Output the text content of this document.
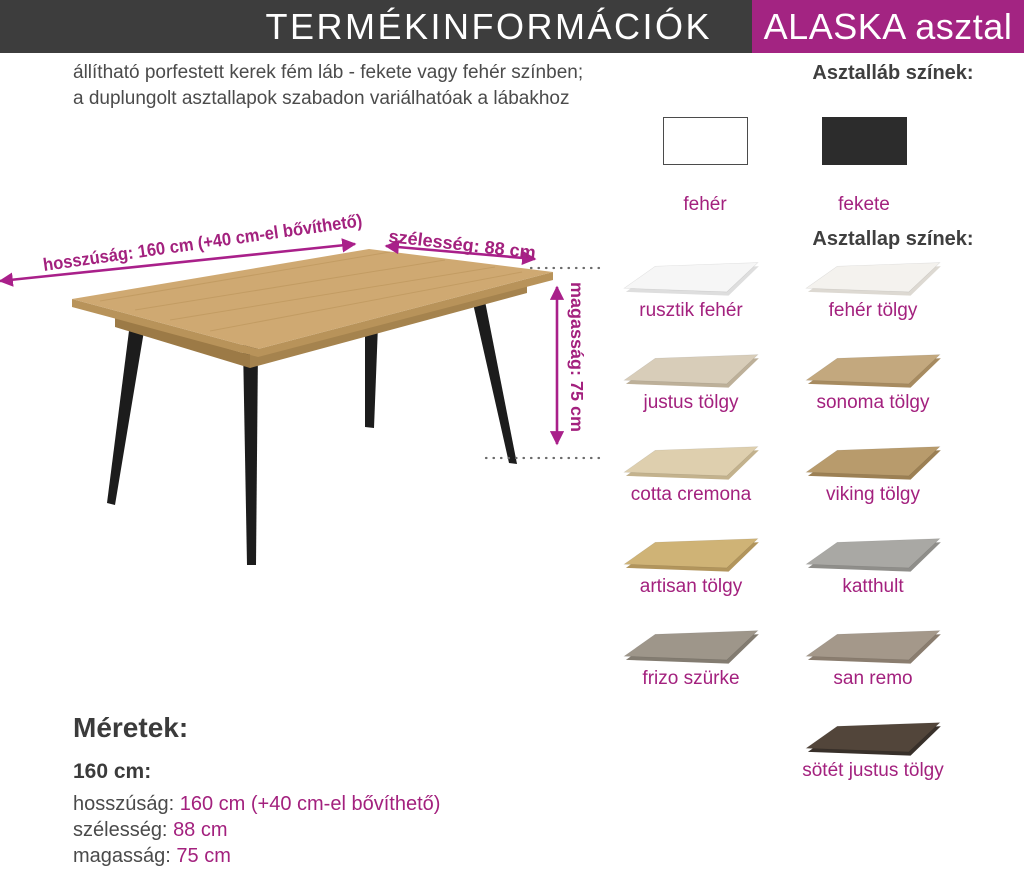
TERMÉKINFORMÁCIÓK ALASKA asztal

állítható porfestett kerek fém láb - fekete vagy fehér színben;
a duplungolt asztallapok szabadon variálhatóak a lábakhoz

hosszúság: 160 cm (+40 cm-el bővíthető)
szélesség: 88 cm
magasság: 75 cm
Asztalláb színek:
fehér	fekete
Asztallap színek:
rusztik fehér	fehér tölgy
justus tölgy	sonoma tölgy
cotta cremona	viking tölgy
artisan tölgy	katthult
frizo szürke	san remo
sötét justus tölgy
Méretek:
160 cm:

hosszúság: 160 cm (+40 cm-el bővíthető)

szélesség: 88 cm

magasság: 75 cm
